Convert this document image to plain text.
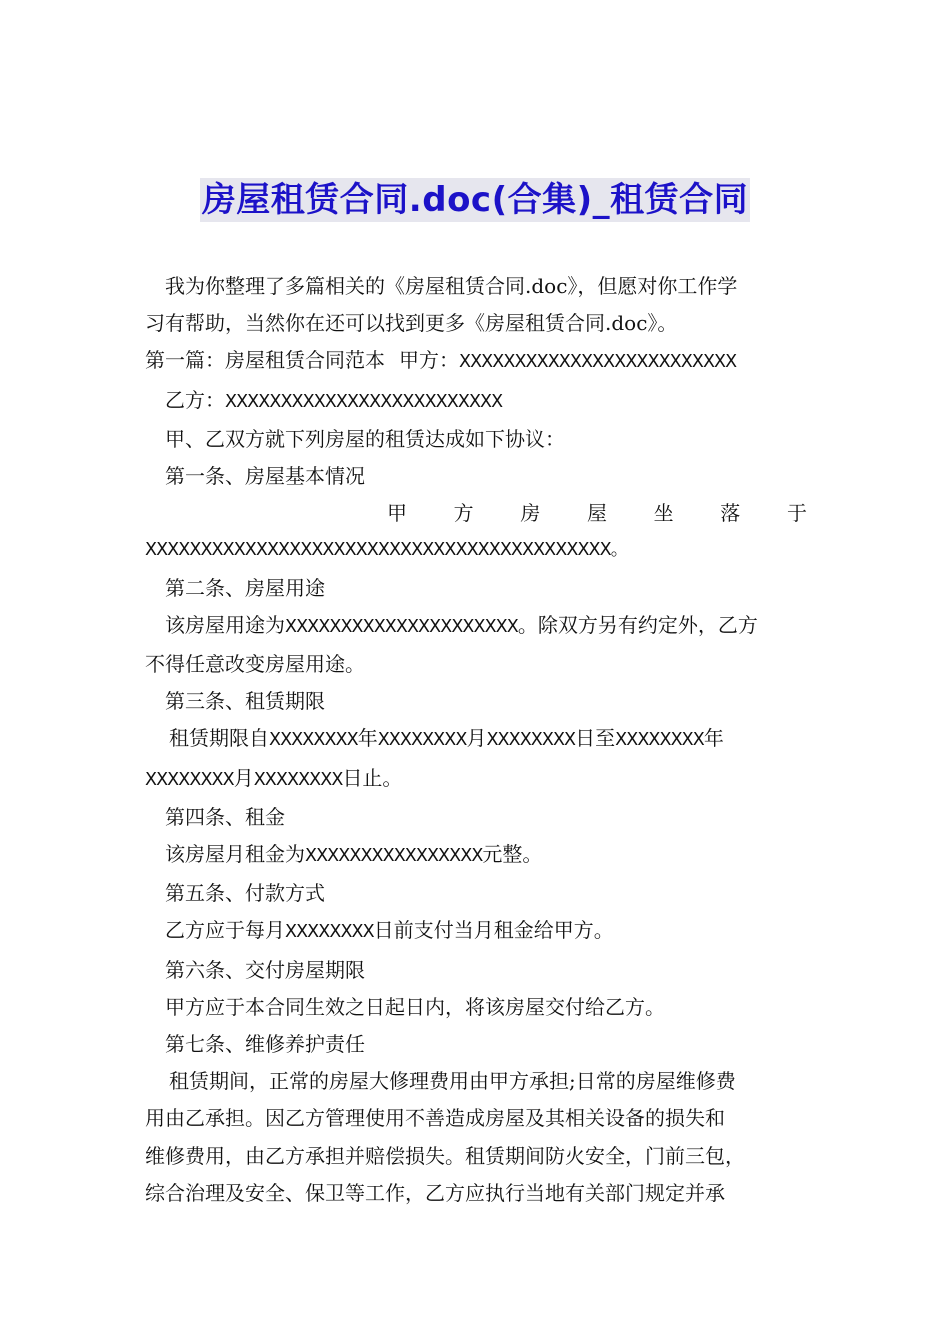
房屋租赁合同.doc(合集)_租赁合同

我为你整理了多篇相关的《房屋租赁合同.doc》，但愿对你工作学

习有帮助，当然你在还可以找到更多《房屋租赁合同.doc》。

第一篇：房屋租赁合同范本 甲方：XXXXXXXXXXXXXXXXXXXXXXXXX

乙方：XXXXXXXXXXXXXXXXXXXXXXXXX

甲、乙双方就下列房屋的租赁达成如下协议：

第一条、房屋基本情况

甲 方 房 屋 坐 落 于

XXXXXXXXXXXXXXXXXXXXXXXXXXXXXXXXXXXXXXXXXX。

第二条、房屋用途

该房屋用途为XXXXXXXXXXXXXXXXXXXXX。除双方另有约定外，乙方

不得任意改变房屋用途。

第三条、租赁期限

租赁期限自XXXXXXXX年XXXXXXXX月XXXXXXXX日至XXXXXXXX年

XXXXXXXX月XXXXXXXX日止。

第四条、租金

该房屋月租金为XXXXXXXXXXXXXXXX元整。

第五条、付款方式

乙方应于每月XXXXXXXX日前支付当月租金给甲方。

第六条、交付房屋期限

甲方应于本合同生效之日起日内，将该房屋交付给乙方。

第七条、维修养护责任

租赁期间，正常的房屋大修理费用由甲方承担;日常的房屋维修费

用由乙承担。因乙方管理使用不善造成房屋及其相关设备的损失和

维修费用，由乙方承担并赔偿损失。租赁期间防火安全，门前三包，

综合治理及安全、保卫等工作，乙方应执行当地有关部门规定并承
